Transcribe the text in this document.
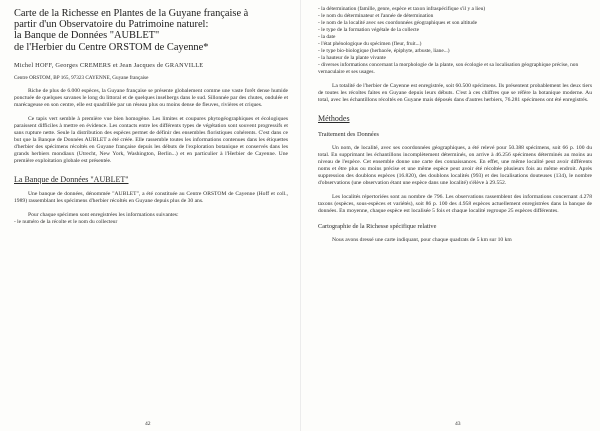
Carte de la Richesse en Plantes de la Guyane française à
partir d'un Observatoire du Patrimoine naturel:
la Banque de Données "AUBLET"
de l'Herbier du Centre ORSTOM de Cayenne*
Michel HOFF, Georges CREMERS et Jean Jacques de GRANVILLE
Centre ORSTOM, BP 165, 97323 CAYENNE, Guyane française

Riche de plus de 6.000 espèces, la Guyane française se présente globalement comme une vaste forêt dense humide ponctuée de quelques savanes le long du littoral et de quelques inselbergs dans le sud. Sillonnée par des chutes, ondulée et marécageuse en son centre, elle est quadrillée par un réseau plus ou moins dense de fleuves, rivières et criques.

Ce tapis vert semble à première vue bien homogène. Les limites et coupures phytogéographiques et écologiques paraissent difficiles à mettre en évidence. Les contacts entre les différents types de végétation sont souvent progressifs et sans rupture nette. Seule la distribution des espèces permet de définir des ensembles floristiques cohérents. C'est dans ce but que la Banque de Données AUBLET a été créée. Elle rassemble toutes les informations contenues dans les étiquettes d'herbier des spécimens récoltés en Guyane française depuis les débuts de l'exploration botanique et conservés dans les grands herbiers mondiaux (Utrecht, New York, Washington, Berlin...) et en particulier à l'Herbier de Cayenne. Une première exploitation globale est présentée.

La Banque de Données "AUBLET"

Une banque de données, dénommée "AUBLET", a été constituée au Centre ORSTOM de Cayenne (Hoff et coll., 1989) rassemblant les spécimens d'herbier récoltés en Guyane depuis plus de 30 ans.

Pour chaque spécimen sont enregistrées les informations suivantes:

- le numéro de la récolte et le nom du collecteur
42
- la détermination (famille, genre, espèce et taxon infraspécifique s'il y a lieu)
- le nom du déterminateur et l'année de détermination
- le nom de la localité avec ses coordonnées géographiques et son altitude
- le type de la formation végétale de la collecte
- la date
- l'état phénologique du spécimen (fleur, fruit...)
- le type bio-biologique (herbacée, épiphyte, arbuste, liane...)
- la hauteur de la plante vivante
- diverses informations concernant la morphologie de la plante, son écologie et sa localisation géographique précise, non vernaculaire et ses usages.

La totalité de l'herbier de Cayenne est enregistrée, soit 60.500 spécimens. Ils présentent probablement les deux tiers de toutes les récoltes faites en Guyane depuis leurs débuts. C'est à ces chiffres que se réfère la botanique moderne. Au total, avec les échantillons récoltés en Guyane mais déposés dans d'autres herbiers, 76.281 spécimens ont été enregistrés.

Méthodes
Traitement des Données

Un nom, de localité, avec ses coordonnées géographiques, a été relevé pour 50.388 spécimens, soit 66 p. 100 du total. En supprimant les échantillons incomplètement déterminés, on arrive à 46.256 spécimens déterminés au moins au niveau de l'espèce. Cet ensemble donne une carte des connaissances. En effet, une même localité peut avoir différents noms et être plus ou moins précise et une même espèce peut avoir été récoltée plusieurs fois au même endroit. Après suppression des doublons espèces (16.820), des doublons localités (993) et des localisations douteuses (134), le nombre d'observations (une observation étant une espèce dans une localité) s'élève à 29.552.

Les localités répertoriées sont au nombre de 796. Les observations rassemblent des informations concernant 4.278 taxons (espèces, sous-espèces et variétés), soit 86 p. 100 des 4.958 espèces actuellement enregistrées dans la banque de données. En moyenne, chaque espèce est localisée 5 fois et chaque localité regroupe 25 espèces différentes.

Cartographie de la Richesse spécifique relative

Nous avons dressé une carte indiquant, pour chaque quadrats de 5 km sur 10 km

43
